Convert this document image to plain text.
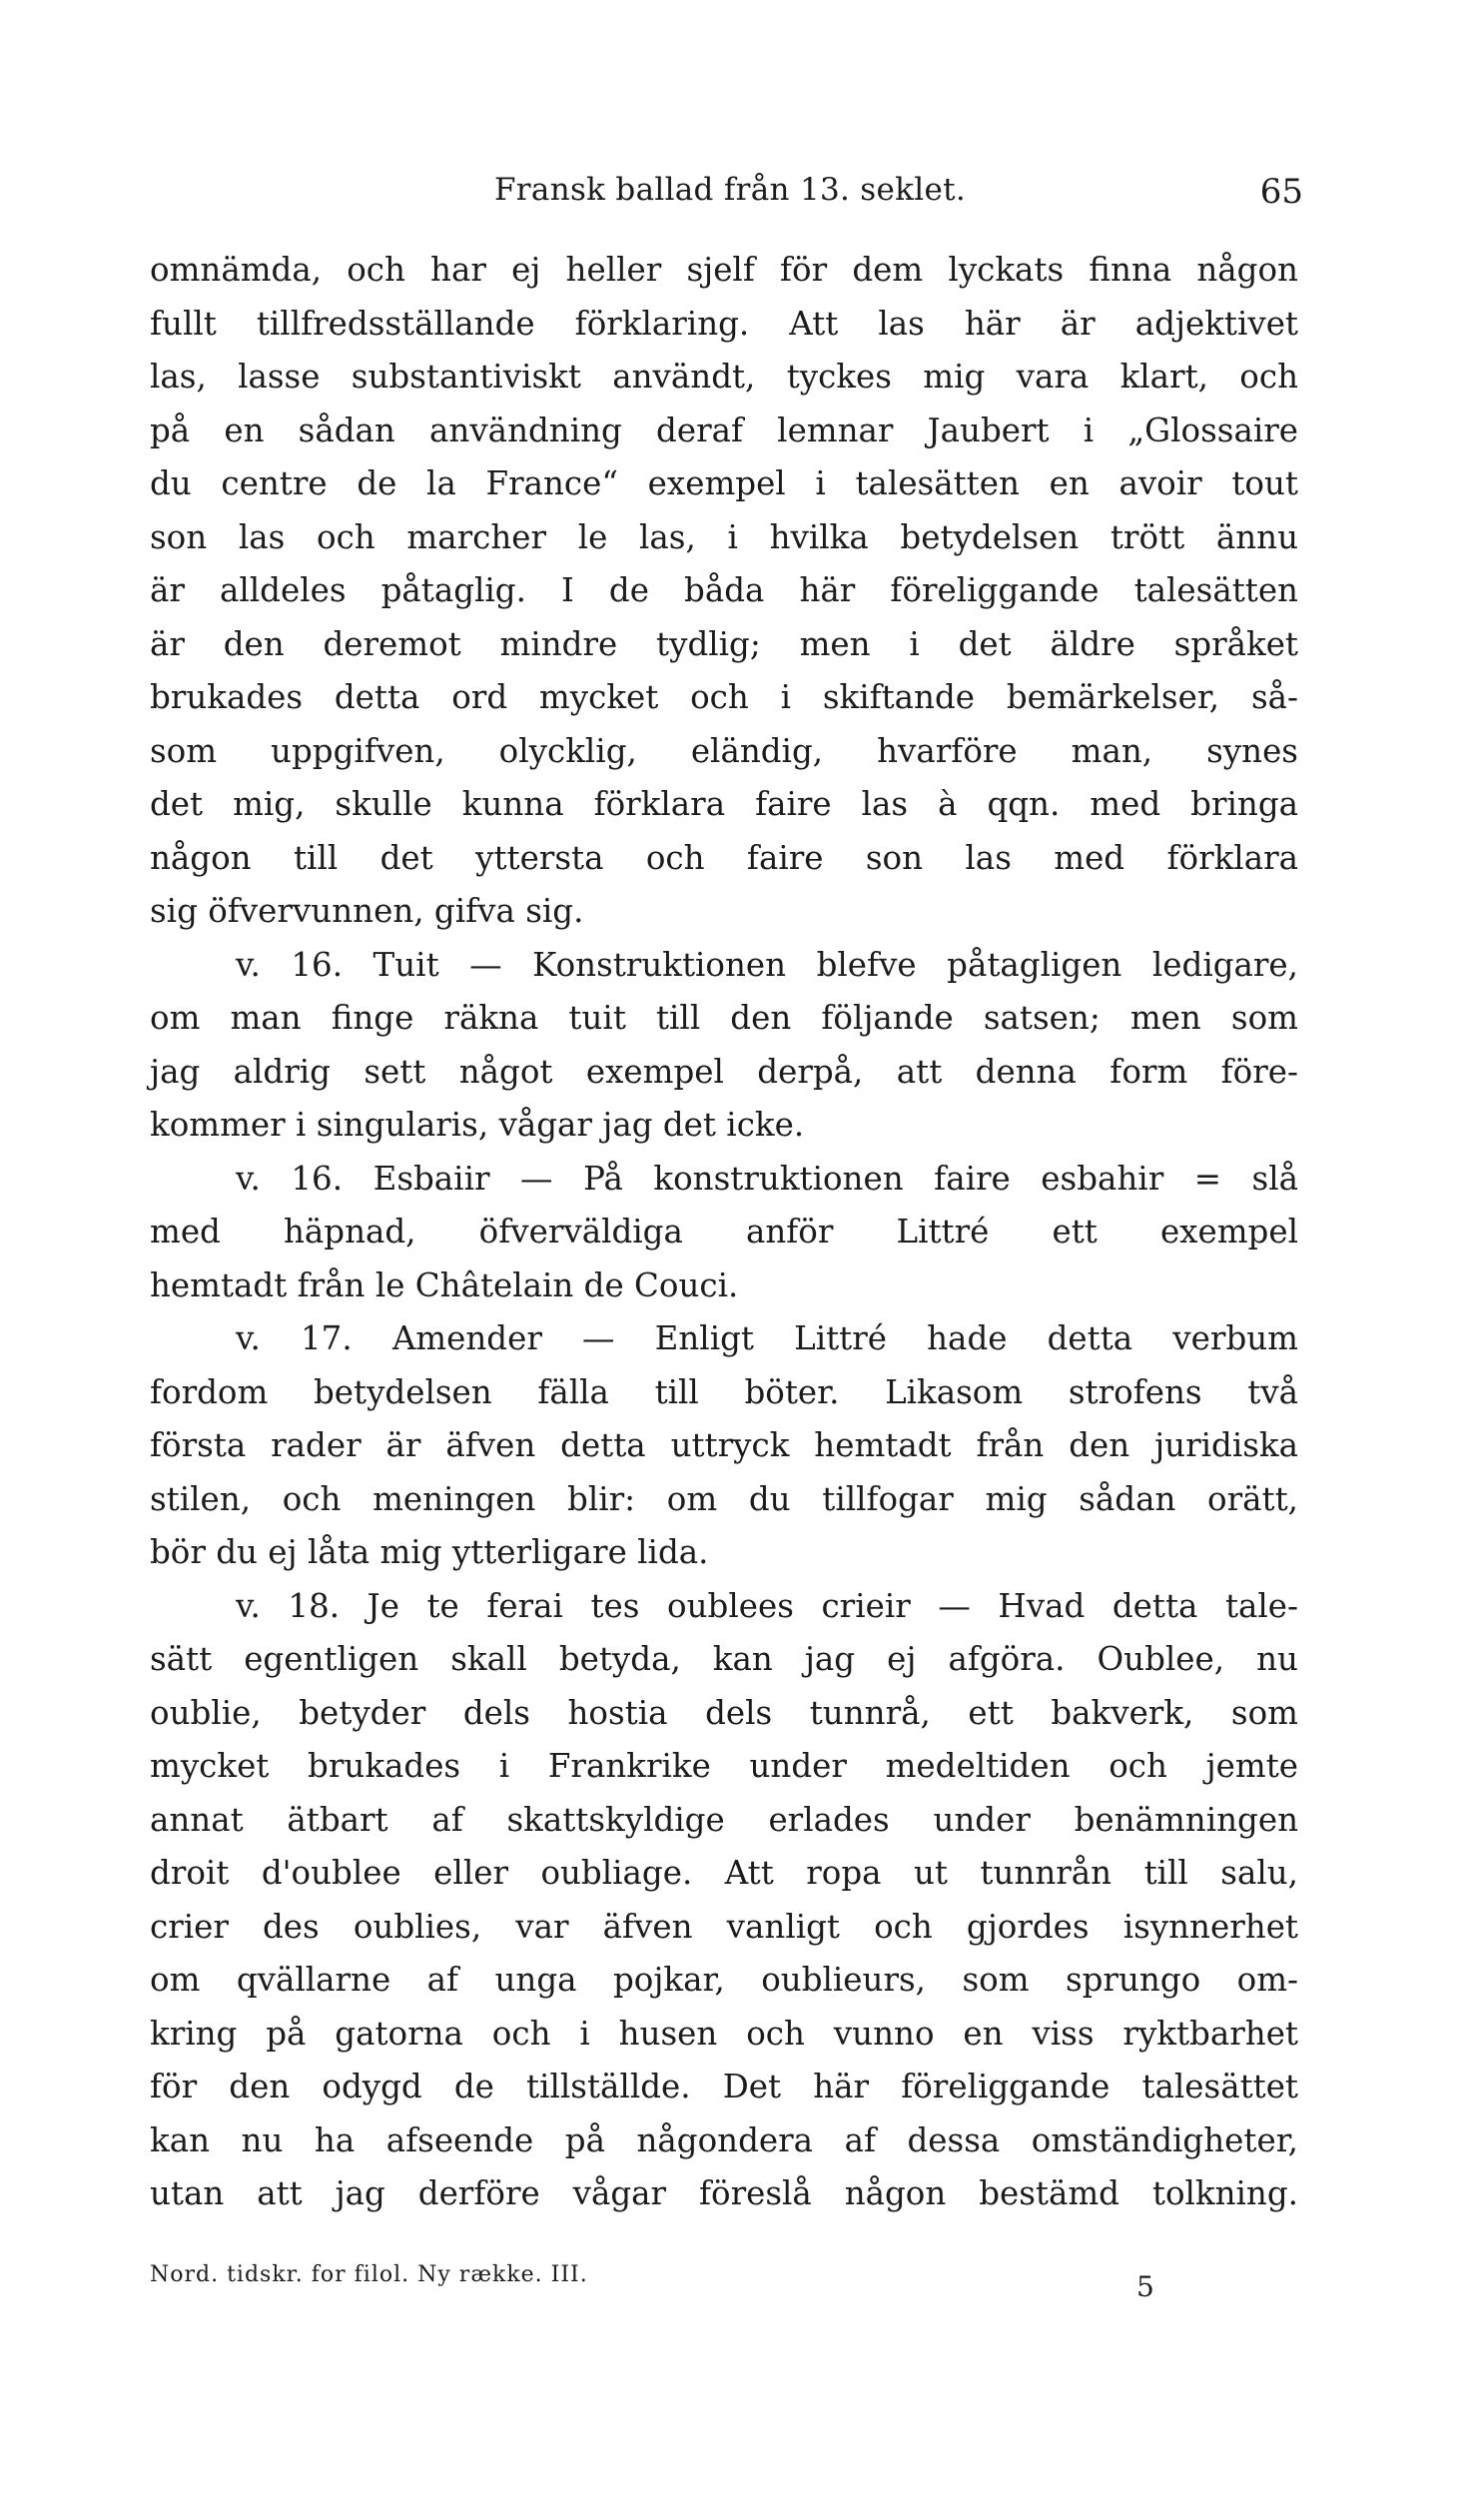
Fransk ballad från 13. seklet.	65
omnämda, och har ej heller sjelf för dem lyckats finna någon
fullt tillfredsställande förklaring. Att las här är adjektivet
las, lasse substantiviskt användt, tyckes mig vara klart, och
på en sådan användning deraf lemnar Jaubert i „Glossaire
du centre de la France“ exempel i talesätten en avoir tout
son las och marcher le las, i hvilka betydelsen trött ännu
är alldeles påtaglig. I de båda här föreliggande talesätten
är den deremot mindre tydlig; men i det äldre språket
brukades detta ord mycket och i skiftande bemärkelser, så-
som uppgifven, olycklig, eländig, hvarföre man, synes
det mig, skulle kunna förklara faire las à qqn. med bringa
någon till det yttersta och faire son las med förklara
sig öfvervunnen, gifva sig.
v. 16. Tuit — Konstruktionen blefve påtagligen ledigare,
om man finge räkna tuit till den följande satsen; men som
jag aldrig sett något exempel derpå, att denna form före-
kommer i singularis, vågar jag det icke.
v. 16. Esbaiir — På konstruktionen faire esbahir = slå
med häpnad, öfverväldiga anför Littré ett exempel
hemtadt från le Châtelain de Couci.
v. 17. Amender — Enligt Littré hade detta verbum
fordom betydelsen fälla till böter. Likasom strofens två
första rader är äfven detta uttryck hemtadt från den juridiska
stilen, och meningen blir: om du tillfogar mig sådan orätt,
bör du ej låta mig ytterligare lida.
v. 18. Je te ferai tes oublees crieir — Hvad detta tale-
sätt egentligen skall betyda, kan jag ej afgöra. Oublee, nu
oublie, betyder dels hostia dels tunnrå, ett bakverk, som
mycket brukades i Frankrike under medeltiden och jemte
annat ätbart af skattskyldige erlades under benämningen
droit d'oublee eller oubliage. Att ropa ut tunnrån till salu,
crier des oublies, var äfven vanligt och gjordes isynnerhet
om qvällarne af unga pojkar, oublieurs, som sprungo om-
kring på gatorna och i husen och vunno en viss ryktbarhet
för den odygd de tillställde. Det här föreliggande talesättet
kan nu ha afseende på någondera af dessa omständigheter,
utan att jag derföre vågar föreslå någon bestämd tolkning.
Nord. tidskr. for filol. Ny række. III.	5
